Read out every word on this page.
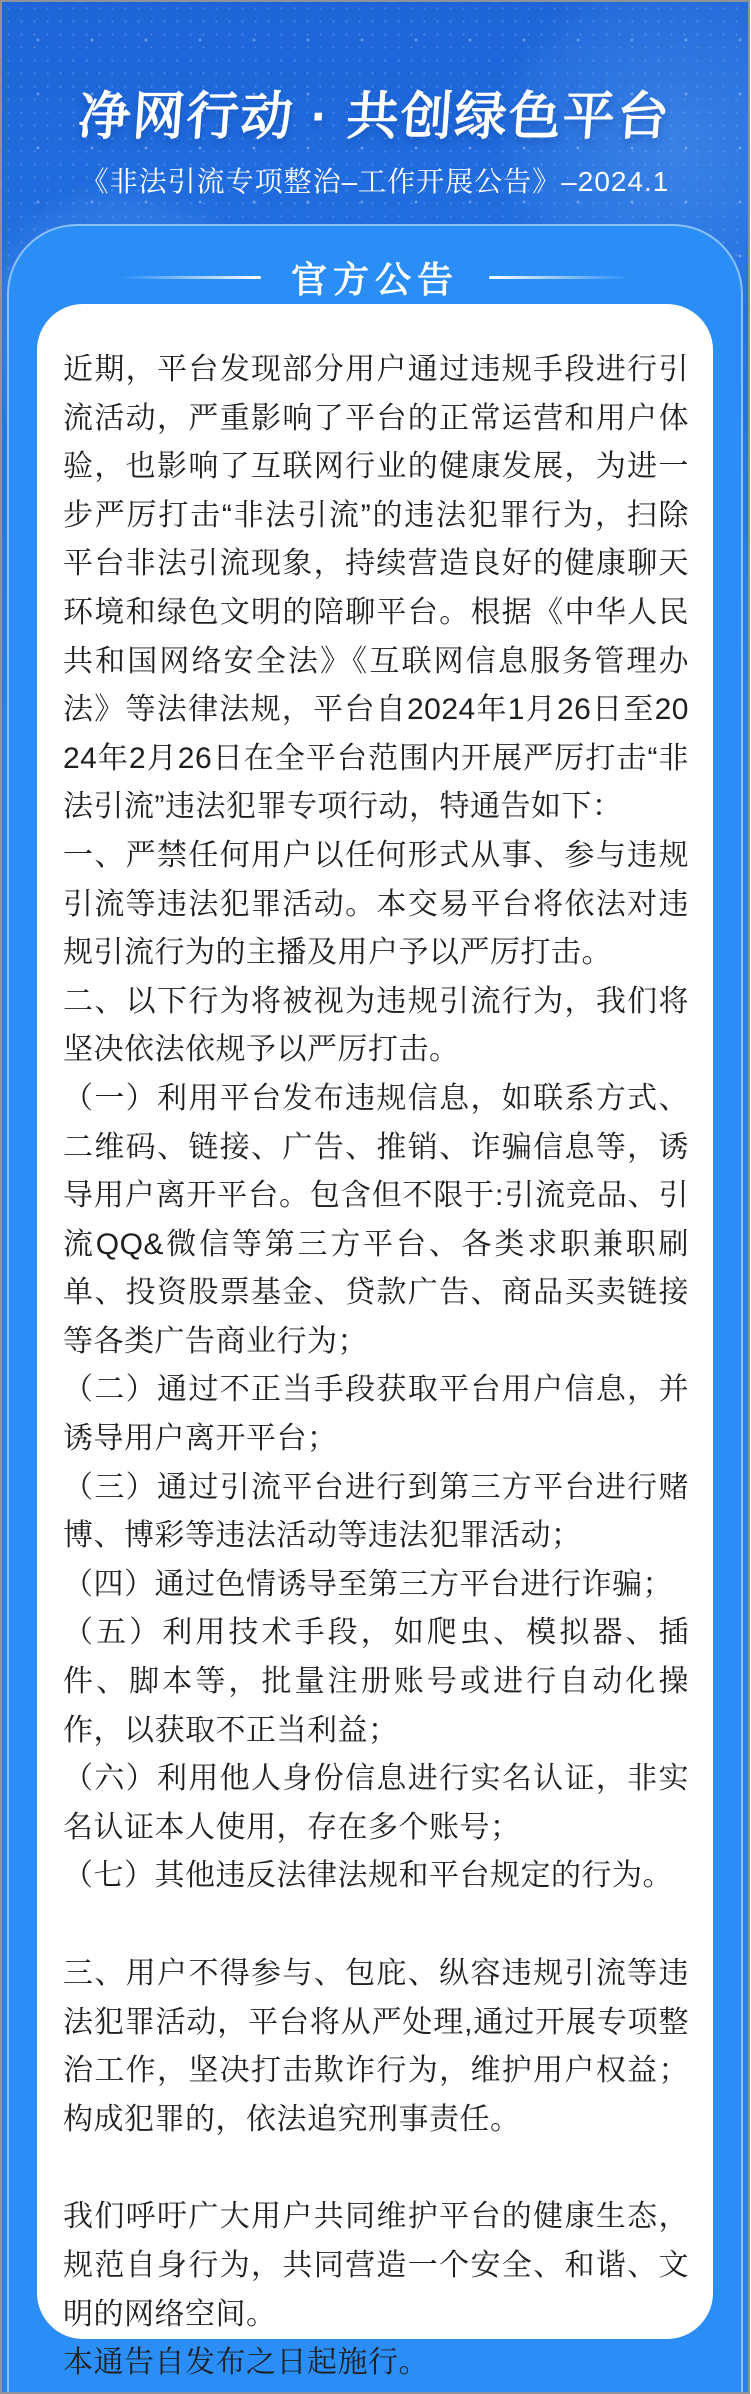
净网行动 · 共创绿色平台
《非法引流专项整治–工作开展公告》–2024.1
官方公告

近期，平台发现部分用户通过违规手段进行引流活动，严重影响了平台的正常运营和用户体验，也影响了互联网行业的健康发展，为进一步严厉打击“非法引流”的违法犯罪行为，扫除平台非法引流现象，持续营造良好的健康聊天环境和绿色文明的陪聊平台。根据《中华人民共和国网络安全法》《互联网信息服务管理办法》等法律法规，平台自2024年1月26日至2024年2月26日在全平台范围内开展严厉打击“非法引流”违法犯罪专项行动，特通告如下：

一、严禁任何用户以任何形式从事、参与违规引流等违法犯罪活动。本交易平台将依法对违规引流行为的主播及用户予以严厉打击。

二、以下行为将被视为违规引流行为，我们将坚决依法依规予以严厉打击。

（一）利用平台发布违规信息，如联系方式、二维码、链接、广告、推销、诈骗信息等，诱导用户离开平台。包含但不限于:引流竞品、引流QQ&微信等第三方平台、各类求职兼职刷单、投资股票基金、贷款广告、商品买卖链接等各类广告商业行为；

（二）通过不正当手段获取平台用户信息，并诱导用户离开平台；

（三）通过引流平台进行到第三方平台进行赌博、博彩等违法活动等违法犯罪活动；

（四）通过色情诱导至第三方平台进行诈骗；

（五）利用技术手段，如爬虫、模拟器、插件、脚本等，批量注册账号或进行自动化操作，以获取不正当利益；

（六）利用他人身份信息进行实名认证，非实名认证本人使用，存在多个账号；

（七）其他违反法律法规和平台规定的行为。

三、用户不得参与、包庇、纵容违规引流等违法犯罪活动，平台将从严处理,通过开展专项整治工作，坚决打击欺诈行为，维护用户权益；构成犯罪的，依法追究刑事责任。

我们呼吁广大用户共同维护平台的健康生态，规范自身行为，共同营造一个安全、和谐、文明的网络空间。

本通告自发布之日起施行。
